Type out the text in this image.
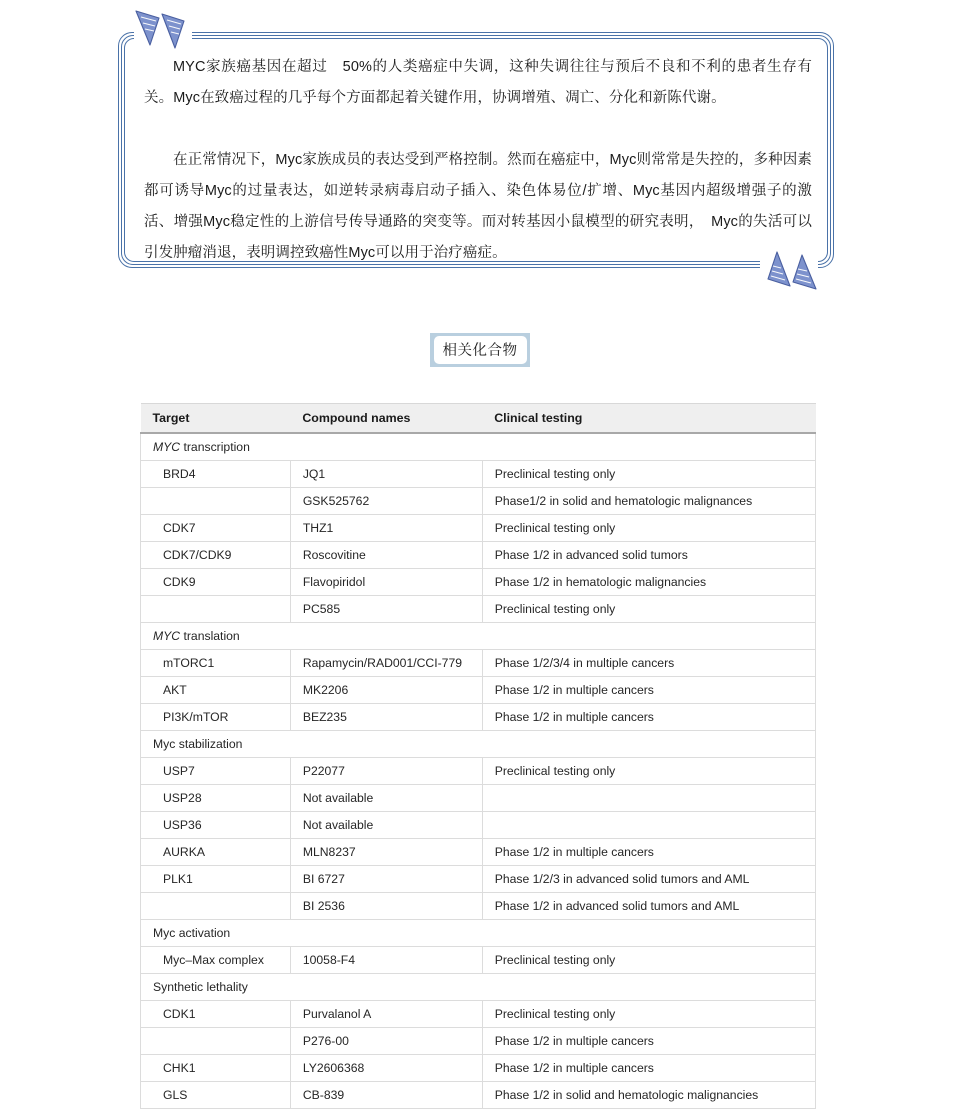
MYC家族癌基因在超过　50%的人类癌症中失调，这种失调往往与预后不良和不利的患者生存有关。Myc在致癌过程的几乎每个方面都起着关键作用，协调增殖、凋亡、分化和新陈代谢。

在正常情况下，Myc家族成员的表达受到严格控制。然而在癌症中，Myc则常常是失控的，多种因素都可诱导Myc的过量表达，如逆转录病毒启动子插入、染色体易位/扩增、Myc基因内超级增强子的激活、增强Myc稳定性的上游信号传导通路的突变等。而对转基因小鼠模型的研究表明，　Myc的失活可以引发肿瘤消退，表明调控致癌性Myc可以用于治疗癌症。

相关化合物
Target	Compound names	Clinical testing
MYC transcription		
BRD4	JQ1	Preclinical testing only
	GSK525762	Phase1/2 in solid and hematologic malignances
CDK7	THZ1	Preclinical testing only
CDK7/CDK9	Roscovitine	Phase 1/2 in advanced solid tumors
CDK9	Flavopiridol	Phase 1/2 in hematologic malignancies
	PC585	Preclinical testing only
MYC translation		
mTORC1	Rapamycin/RAD001/CCI-779	Phase 1/2/3/4 in multiple cancers
AKT	MK2206	Phase 1/2 in multiple cancers
PI3K/mTOR	BEZ235	Phase 1/2 in multiple cancers
Myc stabilization		
USP7	P22077	Preclinical testing only
USP28	Not available	
USP36	Not available	
AURKA	MLN8237	Phase 1/2 in multiple cancers
PLK1	BI 6727	Phase 1/2/3 in advanced solid tumors and AML
	BI 2536	Phase 1/2 in advanced solid tumors and AML
Myc activation		
Myc–Max complex	10058-F4	Preclinical testing only
Synthetic lethality		
CDK1	Purvalanol A	Preclinical testing only
	P276-00	Phase 1/2 in multiple cancers
CHK1	LY2606368	Phase 1/2 in multiple cancers
GLS	CB-839	Phase 1/2 in solid and hematologic malignancies
